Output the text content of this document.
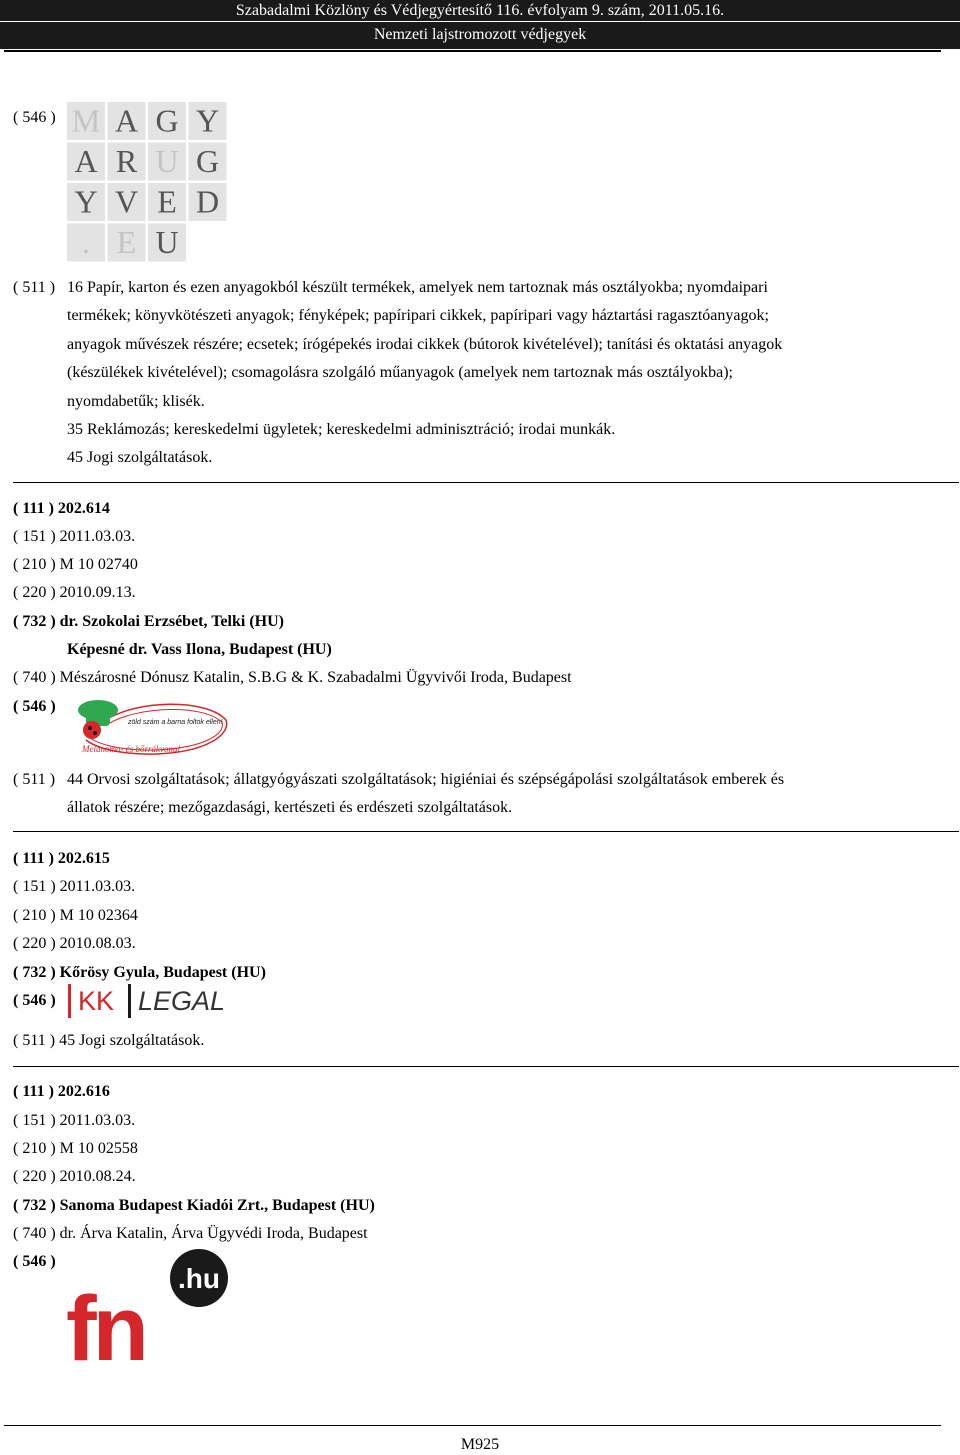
Szabadalmi Közlöny és Védjegyértesítő 116. évfolyam 9. szám, 2011.05.16.
Nemzeti lajstromozott védjegyek
( 546 ) M A G Y
A R U G
Y V E D
. E U
( 511 ) 16 Papír, karton és ezen anyagokból készült termékek, amelyek nem tartoznak más osztályokba; nyomdaipari
termékek; könyvkötészeti anyagok; fényképek; papíripari cikkek, papíripari vagy háztartási ragasztóanyagok;
anyagok művészek részére; ecsetek; írógépekés irodai cikkek (bútorok kivételével); tanítási és oktatási anyagok
(készülékek kivételével); csomagolásra szolgáló műanyagok (amelyek nem tartoznak más osztályokba);
nyomdabetűk; klisék.
35 Reklámozás; kereskedelmi ügyletek; kereskedelmi adminisztráció; irodai munkák.
45 Jogi szolgáltatások.
( 111 ) 202.614
( 151 ) 2011.03.03.
( 210 ) M 10 02740
( 220 ) 2010.09.13.
( 732 ) dr. Szokolai Erzsébet, Telki (HU)
Képesné dr. Vass Ilona, Budapest (HU)
( 740 ) Mészárosné Dónusz Katalin, S.B.G & K. Szabadalmi Ügyvivői Iroda, Budapest
( 546 )
zöld szám a barna foltok ellen!
Melanoma- és bőrrákvonal
( 511 ) 44 Orvosi szolgáltatások; állatgyógyászati szolgáltatások; higiéniai és szépségápolási szolgáltatások emberek és
állatok részére; mezőgazdasági, kertészeti és erdészeti szolgáltatások.
( 111 ) 202.615
( 151 ) 2011.03.03.
( 210 ) M 10 02364
( 220 ) 2010.08.03.
( 732 ) Kőrösy Gyula, Budapest (HU)
( 546 ) KK LEGAL
( 511 ) 45 Jogi szolgáltatások.
( 111 ) 202.616
( 151 ) 2011.03.03.
( 210 ) M 10 02558
( 220 ) 2010.08.24.
( 732 ) Sanoma Budapest Kiadói Zrt., Budapest (HU)
( 740 ) dr. Árva Katalin, Árva Ügyvédi Iroda, Budapest
( 546 )
.hu
fn
M925
